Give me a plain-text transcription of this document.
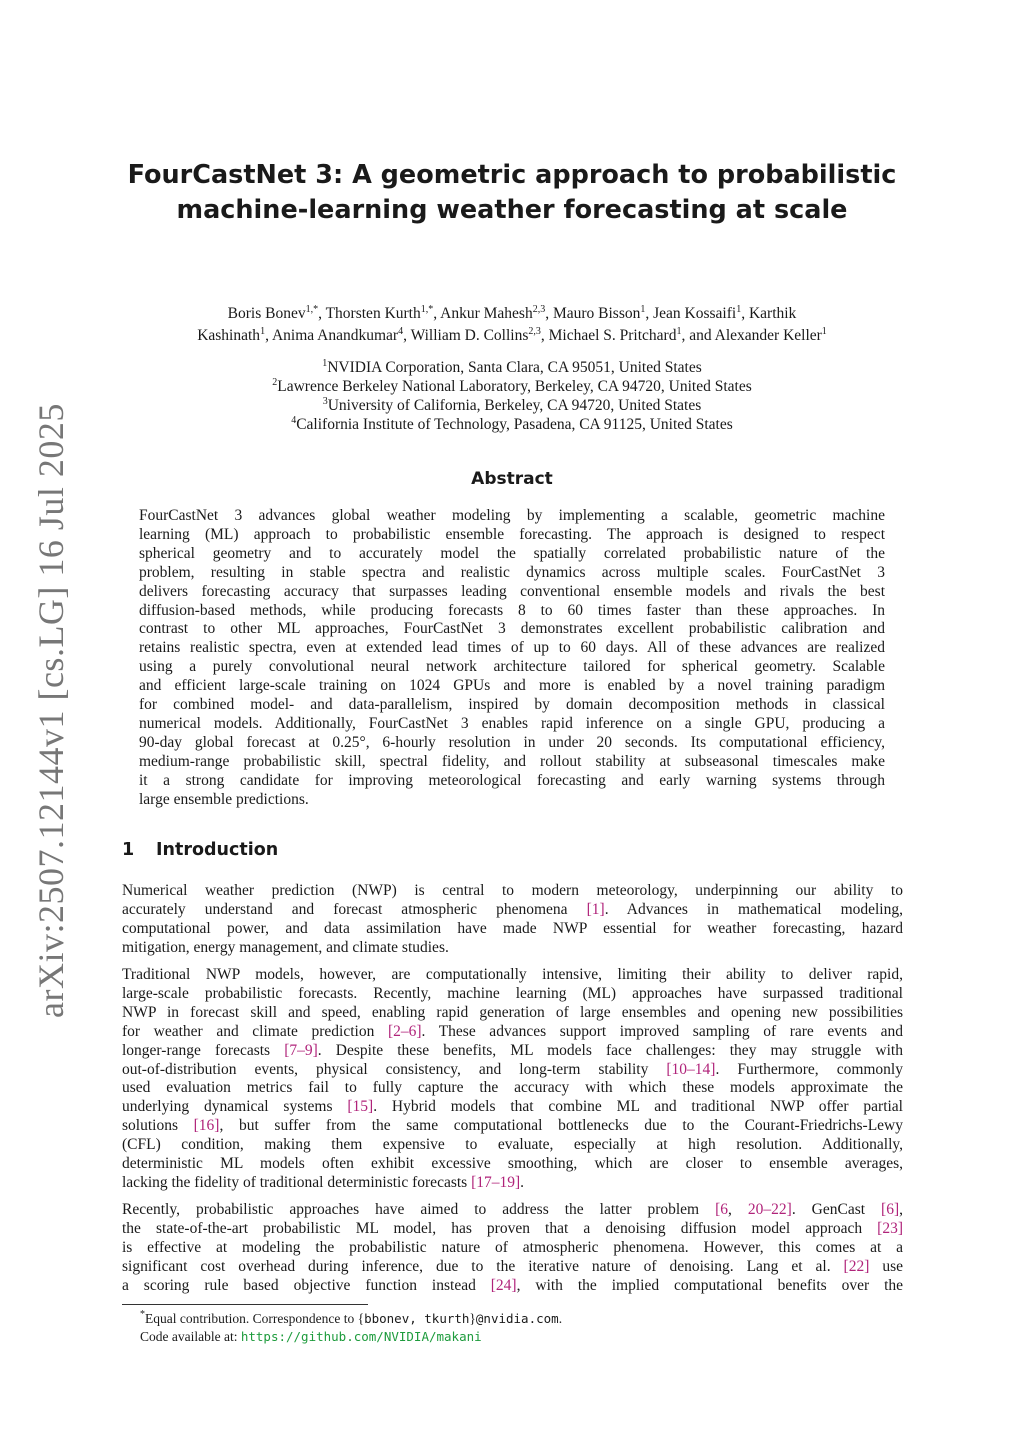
arXiv:2507.12144v1 [cs.LG] 16 Jul 2025
FourCastNet 3: A geometric approach to probabilistic
machine-learning weather forecasting at scale
Boris Bonev$^{1,*}$, Thorsten Kurth$^{1,*}$, Ankur Mahesh$^{2,3}$, Mauro Bisson$^1$, Jean Kossaifi$^1$, Karthik
Kashinath$^1$, Anima Anandkumar$^4$, William D. Collins$^{2,3}$, Michael S. Pritchard$^1$, and Alexander Keller$^1$
$^1$NVIDIA Corporation, Santa Clara, CA 95051, United States
$^2$Lawrence Berkeley National Laboratory, Berkeley, CA 94720, United States
$^3$University of California, Berkeley, CA 94720, United States
$^4$California Institute of Technology, Pasadena, CA 91125, United States
Abstract
FourCastNet 3 advances global weather modeling by implementing a scalable, geometric machine
learning (ML) approach to probabilistic ensemble forecasting. The approach is designed to respect
spherical geometry and to accurately model the spatially correlated probabilistic nature of the
problem, resulting in stable spectra and realistic dynamics across multiple scales. FourCastNet 3
delivers forecasting accuracy that surpasses leading conventional ensemble models and rivals the best
diffusion-based methods, while producing forecasts 8 to 60 times faster than these approaches. In
contrast to other ML approaches, FourCastNet 3 demonstrates excellent probabilistic calibration and
retains realistic spectra, even at extended lead times of up to 60 days. All of these advances are realized
using a purely convolutional neural network architecture tailored for spherical geometry. Scalable
and efficient large-scale training on 1024 GPUs and more is enabled by a novel training paradigm
for combined model- and data-parallelism, inspired by domain decomposition methods in classical
numerical models. Additionally, FourCastNet 3 enables rapid inference on a single GPU, producing a
90-day global forecast at 0.25°, 6-hourly resolution in under 20 seconds. Its computational efficiency,
medium-range probabilistic skill, spectral fidelity, and rollout stability at subseasonal timescales make
it a strong candidate for improving meteorological forecasting and early warning systems through
large ensemble predictions.
1 Introduction
Numerical weather prediction (NWP) is central to modern meteorology, underpinning our ability to
accurately understand and forecast atmospheric phenomena [1]. Advances in mathematical modeling,
computational power, and data assimilation have made NWP essential for weather forecasting, hazard
mitigation, energy management, and climate studies.
Traditional NWP models, however, are computationally intensive, limiting their ability to deliver rapid,
large-scale probabilistic forecasts. Recently, machine learning (ML) approaches have surpassed traditional
NWP in forecast skill and speed, enabling rapid generation of large ensembles and opening new possibilities
for weather and climate prediction [2–6]. These advances support improved sampling of rare events and
longer-range forecasts [7–9]. Despite these benefits, ML models face challenges: they may struggle with
out-of-distribution events, physical consistency, and long-term stability [10–14]. Furthermore, commonly
used evaluation metrics fail to fully capture the accuracy with which these models approximate the
underlying dynamical systems [15]. Hybrid models that combine ML and traditional NWP offer partial
solutions [16], but suffer from the same computational bottlenecks due to the Courant-Friedrichs-Lewy
(CFL) condition, making them expensive to evaluate, especially at high resolution. Additionally,
deterministic ML models often exhibit excessive smoothing, which are closer to ensemble averages,
lacking the fidelity of traditional deterministic forecasts [17–19].
Recently, probabilistic approaches have aimed to address the latter problem [6, 20–22]. GenCast [6],
the state-of-the-art probabilistic ML model, has proven that a denoising diffusion model approach [23]
is effective at modeling the probabilistic nature of atmospheric phenomena. However, this comes at a
significant cost overhead during inference, due to the iterative nature of denoising. Lang et al. [22] use
a scoring rule based objective function instead [24], with the implied computational benefits over the
*Equal contribution. Correspondence to {bbonev, tkurth}@nvidia.com.
Code available at: https://github.com/NVIDIA/makani
